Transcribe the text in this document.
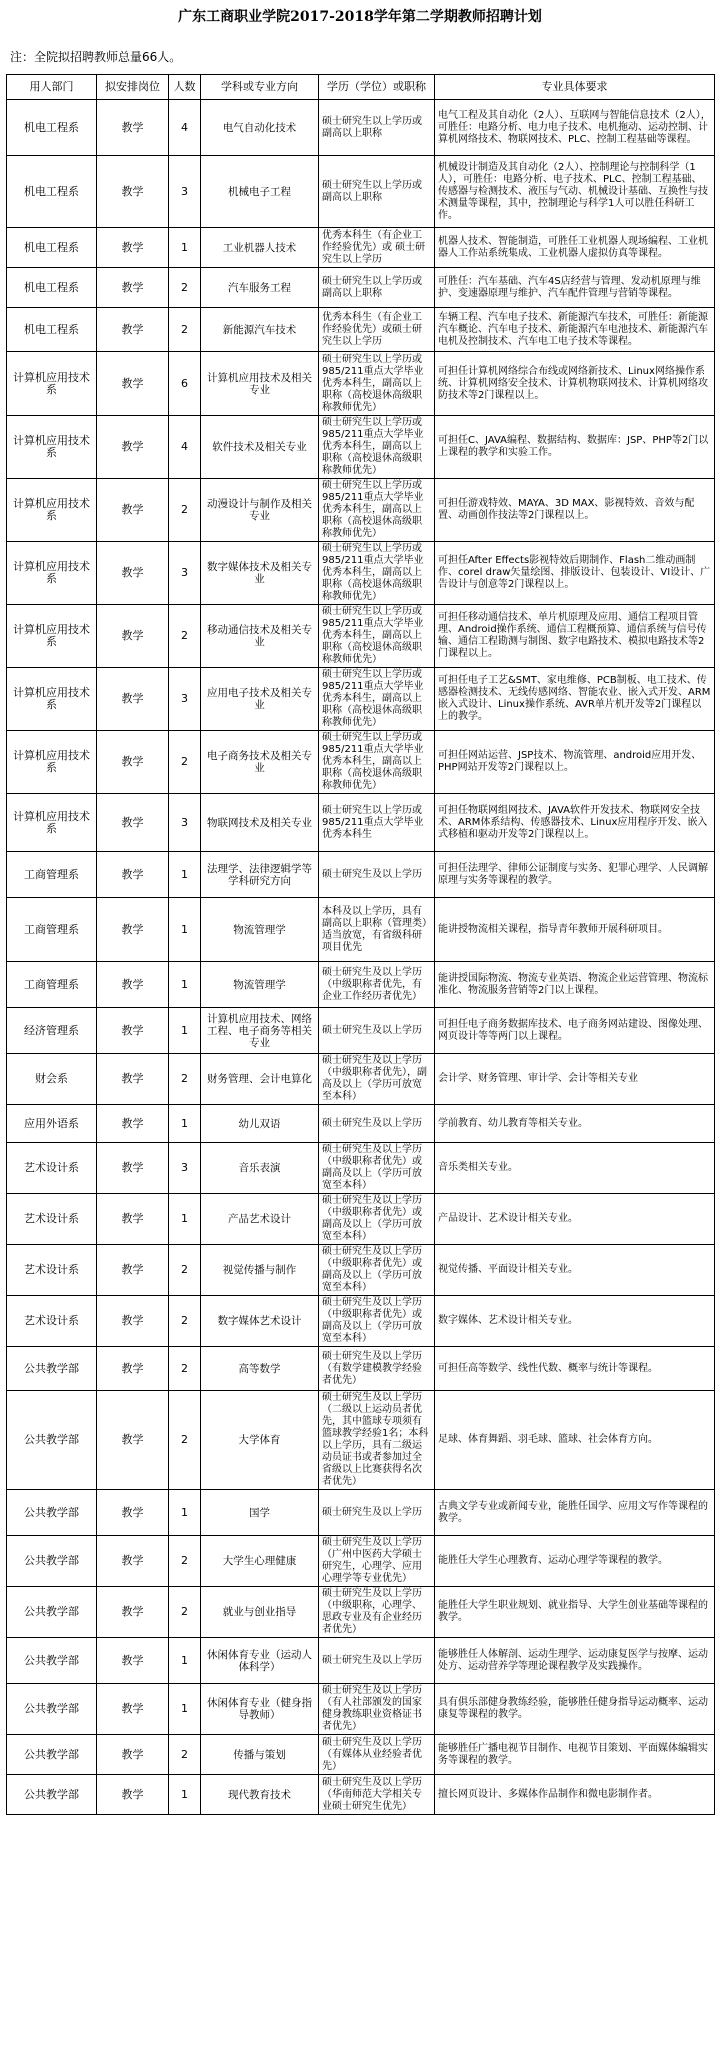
广东工商职业学院2017-2018学年第二学期教师招聘计划
注：全院拟招聘教师总量66人。
用人部门	拟安排岗位	人数	学科或专业方向	学历（学位）或职称	专业具体要求
机电工程系	教学	4	电气自动化技术	硕士研究生以上学历或副高以上职称	电气工程及其自动化（2人）、互联网与智能信息技术（2人），可胜任：电路分析、电力电子技术、电机拖动、运动控制、计算机网络技术、物联网技术、PLC、控制工程基础等课程。
机电工程系	教学	3	机械电子工程	硕士研究生以上学历或副高以上职称	机械设计制造及其自动化（2人）、控制理论与控制科学（1人），可胜任：电路分析、电子技术、PLC、控制工程基础、传感器与检测技术、液压与气动、机械设计基础、互换性与技术测量等课程，其中，控制理论与科学1人可以胜任科研工作。
机电工程系	教学	1	工业机器人技术	优秀本科生（有企业工作经验优先）或 硕士研究生以上学历	机器人技术、智能制造，可胜任工业机器人现场编程、工业机器人工作站系统集成、工业机器人虚拟仿真等课程。
机电工程系	教学	2	汽车服务工程	硕士研究生以上学历或副高以上职称	可胜任：汽车基础、汽车4S店经营与管理、发动机原理与维护、变速器原理与维护、汽车配件管理与营销等课程。
机电工程系	教学	2	新能源汽车技术	优秀本科生（有企业工作经验优先）或硕士研究生以上学历	车辆工程、汽车电子技术、新能源汽车技术，可胜任：新能源汽车概论、汽车电子技术、新能源汽车电池技术、新能源汽车电机及控制技术、汽车电工电子技术等课程。
计算机应用技术系	教学	6	计算机应用技术及相关专业	硕士研究生以上学历或985/211重点大学毕业优秀本科生，副高以上职称（高校退休高级职称教师优先）	可担任计算机网络综合布线或网络新技术、Linux网络操作系统、计算机网络安全技术、计算机物联网技术、计算机网络攻防技术等2门课程以上。
计算机应用技术系	教学	4	软件技术及相关专业	硕士研究生以上学历或985/211重点大学毕业优秀本科生，副高以上职称（高校退休高级职称教师优先）	可担任C、JAVA编程、数据结构、数据库：JSP、PHP等2门以上课程的教学和实验工作。
计算机应用技术系	教学	2	动漫设计与制作及相关专业	硕士研究生以上学历或985/211重点大学毕业优秀本科生，副高以上职称（高校退休高级职称教师优先）	可担任游戏特效、MAYA、3D MAX、影视特效、音效与配置、动画创作技法等2门课程以上。
计算机应用技术系	教学	3	数字媒体技术及相关专业	硕士研究生以上学历或985/211重点大学毕业优秀本科生，副高以上职称（高校退休高级职称教师优先）	可担任After Effects影视特效后期制作、Flash二维动画制作、corel draw矢量绘图、排版设计、包装设计、VI设计、广告设计与创意等2门课程以上。
计算机应用技术系	教学	2	移动通信技术及相关专业	硕士研究生以上学历或985/211重点大学毕业优秀本科生，副高以上职称（高校退休高级职称教师优先）	可担任移动通信技术、单片机原理及应用、通信工程项目管理、Android操作系统、通信工程概预算、通信系统与信号传输、通信工程勘测与制图、数字电路技术、模拟电路技术等2门课程以上。
计算机应用技术系	教学	3	应用电子技术及相关专业	硕士研究生以上学历或985/211重点大学毕业优秀本科生，副高以上职称（高校退休高级职称教师优先）	可担任电子工艺&SMT、家电维修、PCB制板、电工技术、传感器检测技术、无线传感网络、智能农业、嵌入式开发、ARM嵌入式设计、Linux操作系统、AVR单片机开发等2门课程以上的教学。
计算机应用技术系	教学	2	电子商务技术及相关专业	硕士研究生以上学历或985/211重点大学毕业优秀本科生，副高以上职称（高校退休高级职称教师优先）	可担任网站运营、JSP技术、物流管理、android应用开发、PHP网站开发等2门课程以上。
计算机应用技术系	教学	3	物联网技术及相关专业	硕士研究生以上学历或985/211重点大学毕业优秀本科生	可担任物联网组网技术、JAVA软件开发技术、物联网安全技术、ARM体系结构、传感器技术、Linux应用程序开发、嵌入式移植和驱动开发等2门课程以上。
工商管理系	教学	1	法理学、法律逻辑学等学科研究方向	硕士研究生及以上学历	可担任法理学、律师公证制度与实务、犯罪心理学、人民调解原理与实务等课程的教学。
工商管理系	教学	1	物流管理学	本科及以上学历，具有副高以上职称（管理类）适当放宽，有省级科研项目优先	能讲授物流相关课程，指导青年教师开展科研项目。
工商管理系	教学	1	物流管理学	硕士研究生及以上学历（中级职称者优先，有企业工作经历者优先）	能讲授国际物流、物流专业英语、物流企业运营管理、物流标准化、物流服务营销等2门以上课程。
经济管理系	教学	1	计算机应用技术、网络工程、电子商务等相关专业	硕士研究生及以上学历	可担任电子商务数据库技术、电子商务网站建设、图像处理、网页设计等等两门以上课程。
财会系	教学	2	财务管理、会计电算化	硕士研究生及以上学历（中级职称者优先），副高及以上（学历可放宽至本科）	会计学、财务管理、审计学、会计等相关专业
应用外语系	教学	1	幼儿双语	硕士研究生及以上学历	学前教育、幼儿教育等相关专业。
艺术设计系	教学	3	音乐表演	硕士研究生及以上学历（中级职称者优先）或副高及以上（学历可放宽至本科）	音乐类相关专业。
艺术设计系	教学	1	产品艺术设计	硕士研究生及以上学历（中级职称者优先）或副高及以上（学历可放宽至本科）	产品设计、艺术设计相关专业。
艺术设计系	教学	2	视觉传播与制作	硕士研究生及以上学历（中级职称者优先）或副高及以上（学历可放宽至本科）	视觉传播、平面设计相关专业。
艺术设计系	教学	2	数字媒体艺术设计	硕士研究生及以上学历（中级职称者优先）或副高及以上（学历可放宽至本科）	数字媒体、艺术设计相关专业。
公共教学部	教学	2	高等数学	硕士研究生及以上学历（有数学建模教学经验者优先）	可担任高等数学、线性代数、概率与统计等课程。
公共教学部	教学	2	大学体育	硕士研究生及以上学历（二级以上运动员者优先，其中篮球专项须有篮球教学经验1名；本科以上学历，具有二级运动员证书或者参加过全省级以上比赛获得名次者优先）	足球、体育舞蹈、羽毛球、篮球、社会体育方向。
公共教学部	教学	1	国学	硕士研究生及以上学历	古典文学专业或新闻专业，能胜任国学、应用文写作等课程的教学。
公共教学部	教学	2	大学生心理健康	硕士研究生及以上学历（广州中医药大学硕士研究生，心理学、应用心理学等专业优先）	能胜任大学生心理教育、运动心理学等课程的教学。
公共教学部	教学	2	就业与创业指导	硕士研究生及以上学历（中级职称，心理学、思政专业及有企业经历者优先）	能胜任大学生职业规划、就业指导、大学生创业基础等课程的教学。
公共教学部	教学	1	休闲体育专业（运动人体科学）	硕士研究生及以上学历	能够胜任人体解剖、运动生理学、运动康复医学与按摩、运动处方、运动营养学等理论课程教学及实践操作。
公共教学部	教学	1	休闲体育专业（健身指导教师）	硕士研究生及以上学历（有人社部颁发的国家健身教练职业资格证书者优先）	具有俱乐部健身教练经验，能够胜任健身指导运动概率、运动康复等课程的教学。
公共教学部	教学	2	传播与策划	硕士研究生及以上学历（有媒体从业经验者优先）	能够胜任广播电视节目制作、电视节目策划、平面媒体编辑实务等课程的教学。
公共教学部	教学	1	现代教育技术	硕士研究生及以上学历（华南师范大学相关专业硕士研究生优先）	擅长网页设计、多媒体作品制作和微电影制作者。
